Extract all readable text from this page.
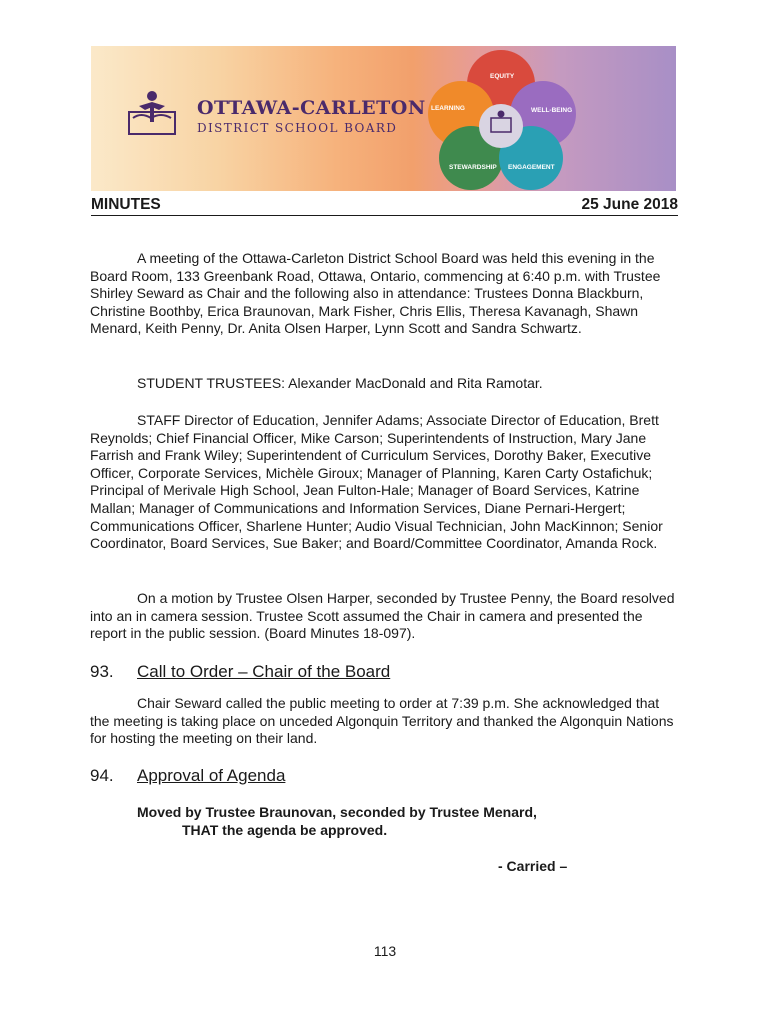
EQUITY
LEARNING	WELL-BEING
STEWARDSHIP ENGAGEMENT
OTTAWA-CARLETON
DISTRICT SCHOOL BOARD
MINUTES	25 June 2018

A meeting of the Ottawa-Carleton District School Board was held this evening in the Board Room, 133 Greenbank Road, Ottawa, Ontario, commencing at 6:40 p.m. with Trustee Shirley Seward as Chair and the following also in attendance: Trustees Donna Blackburn, Christine Boothby, Erica Braunovan, Mark Fisher, Chris Ellis, Theresa Kavanagh, Shawn Menard, Keith Penny, Dr. Anita Olsen Harper, Lynn Scott and Sandra Schwartz.

STUDENT TRUSTEES: Alexander MacDonald and Rita Ramotar.

STAFF Director of Education, Jennifer Adams; Associate Director of Education, Brett Reynolds; Chief Financial Officer, Mike Carson; Superintendents of Instruction, Mary Jane Farrish and Frank Wiley; Superintendent of Curriculum Services, Dorothy Baker, Executive Officer, Corporate Services, Michèle Giroux; Manager of Planning, Karen Carty Ostafichuk; Principal of Merivale High School, Jean Fulton-Hale; Manager of Board Services, Katrine Mallan; Manager of Communications and Information Services, Diane Pernari-Hergert; Communications Officer, Sharlene Hunter; Audio Visual Technician, John MacKinnon; Senior Coordinator, Board Services, Sue Baker; and Board/Committee Coordinator, Amanda Rock.

On a motion by Trustee Olsen Harper, seconded by Trustee Penny, the Board resolved into an in camera session. Trustee Scott assumed the Chair in camera and presented the report in the public session. (Board Minutes 18-097).

93. Call to Order – Chair of the Board

Chair Seward called the public meeting to order at 7:39 p.m. She acknowledged that the meeting is taking place on unceded Algonquin Territory and thanked the Algonquin Nations for hosting the meeting on their land.

94. Approval of Agenda

Moved by Trustee Braunovan, seconded by Trustee Menard,

THAT the agenda be approved.

- Carried –

113
